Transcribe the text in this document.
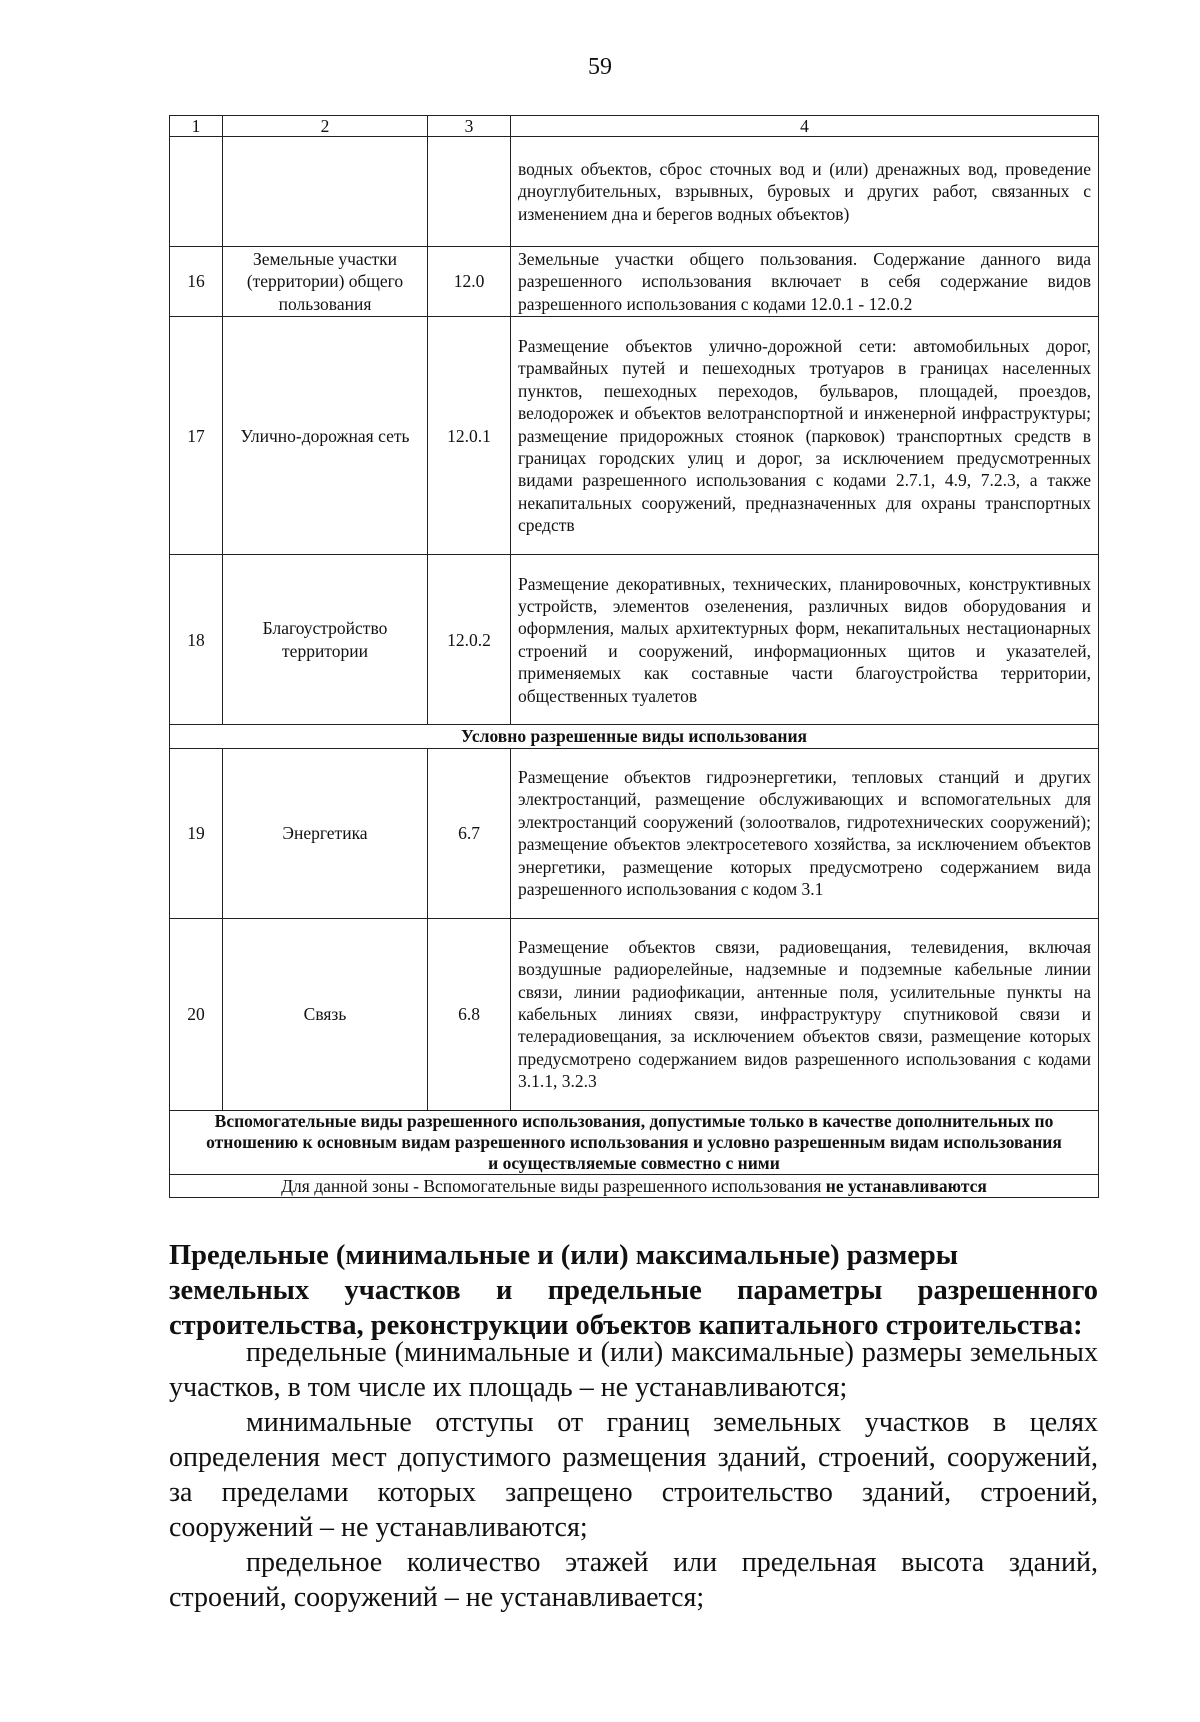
59
1	2	3	4
			водных объектов, сброс сточных вод и (или) дренажных вод, проведение дноуглубительных, взрывных, буровых и других работ, связанных с изменением дна и берегов водных объектов)
16	Земельные участки (территории) общего пользования	12.0	Земельные участки общего пользования. Содержание данного вида разрешенного использования включает в себя содержание видов разрешенного использования с кодами 12.0.1 - 12.0.2
17	Улично-дорожная сеть	12.0.1	Размещение объектов улично-дорожной сети: автомобильных дорог, трамвайных путей и пешеходных тротуаров в границах населенных пунктов, пешеходных переходов, бульваров, площадей, проездов, велодорожек и объектов велотранспортной и инженерной инфраструктуры; размещение придорожных стоянок (парковок) транспортных средств в границах городских улиц и дорог, за исключением предусмотренных видами разрешенного использования с кодами 2.7.1, 4.9, 7.2.3, а также некапитальных сооружений, предназначенных для охраны транспортных средств
18	Благоустройство территории	12.0.2	Размещение декоративных, технических, планировочных, конструктивных устройств, элементов озеленения, различных видов оборудования и оформления, малых архитектурных форм, некапитальных нестационарных строений и сооружений, информационных щитов и указателей, применяемых как составные части благоустройства территории, общественных туалетов
Условно разрешенные виды использования			
19	Энергетика	6.7	Размещение объектов гидроэнергетики, тепловых станций и других электростанций, размещение обслуживающих и вспомогательных для электростанций сооружений (золоотвалов, гидротехнических сооружений); размещение объектов электросетевого хозяйства, за исключением объектов энергетики, размещение которых предусмотрено содержанием вида разрешенного использования с кодом 3.1
20	Связь	6.8	Размещение объектов связи, радиовещания, телевидения, включая воздушные радиорелейные, надземные и подземные кабельные линии связи, линии радиофикации, антенные поля, усилительные пункты на кабельных линиях связи, инфраструктуру спутниковой связи и телерадиовещания, за исключением объектов связи, размещение которых предусмотрено содержанием видов разрешенного использования с кодами 3.1.1, 3.2.3
Вспомогательные виды разрешенного использования, допустимые только в качестве дополнительных по отношению к основным видам разрешенного использования и условно разрешенным видам использования и осуществляемые совместно с ними			
Для данной зоны - Вспомогательные виды разрешенного использования не устанавливаются			
Предельные (минимальные и (или) максимальные) размеры
земельных участков и предельные параметры разрешенного строительства, реконструкции объектов капитального строительства:

предельные (минимальные и (или) максимальные) размеры земельных участков, в том числе их площадь – не устанавливаются;

минимальные отступы от границ земельных участков в целях определения мест допустимого размещения зданий, строений, сооружений, за пределами которых запрещено строительство зданий, строений, сооружений – не устанавливаются;

предельное количество этажей или предельная высота зданий, строений, сооружений – не устанавливается;
